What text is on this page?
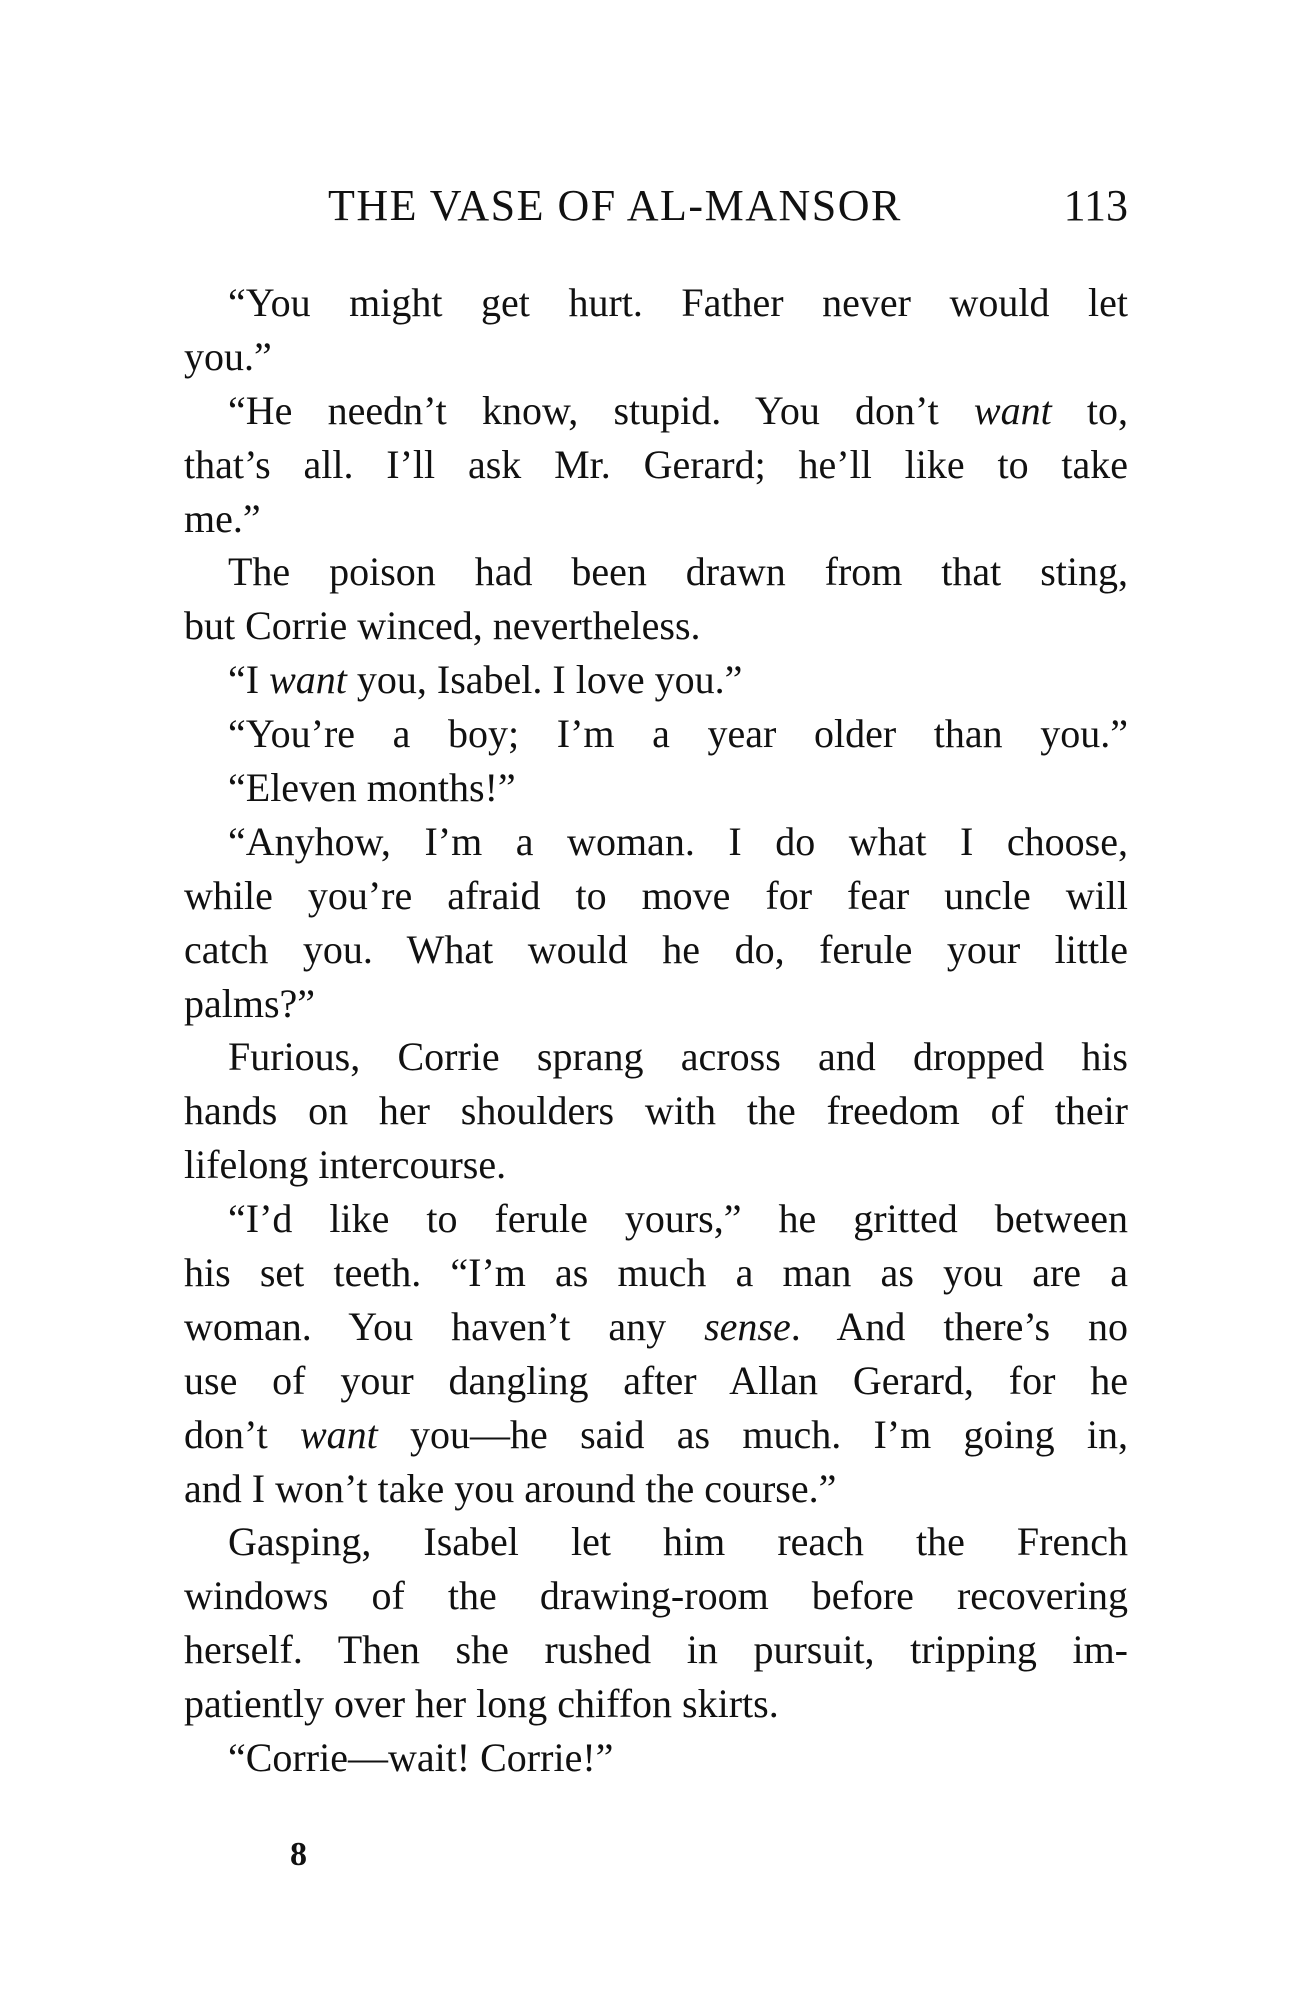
THE VASE OF AL-MANSOR	113
“You might get hurt. Father never would let
you.”
“He needn’t know, stupid. You don’t want to,
that’s all. I’ll ask Mr. Gerard; he’ll like to take
me.”
The poison had been drawn from that sting,
but Corrie winced, nevertheless.
“I want you, Isabel. I love you.”
“You’re a boy; I’m a year older than you.”
“Eleven months!”
“Anyhow, I’m a woman. I do what I choose,
while you’re afraid to move for fear uncle will
catch you. What would he do, ferule your little
palms?”
Furious, Corrie sprang across and dropped his
hands on her shoulders with the freedom of their
lifelong intercourse.
“I’d like to ferule yours,” he gritted between
his set teeth. “I’m as much a man as you are a
woman. You haven’t any sense. And there’s no
use of your dangling after Allan Gerard, for he
don’t want you—he said as much. I’m going in,
and I won’t take you around the course.”
Gasping, Isabel let him reach the French
windows of the drawing-room before recovering
herself. Then she rushed in pursuit, tripping im-
patiently over her long chiffon skirts.
“Corrie—wait! Corrie!”
8
